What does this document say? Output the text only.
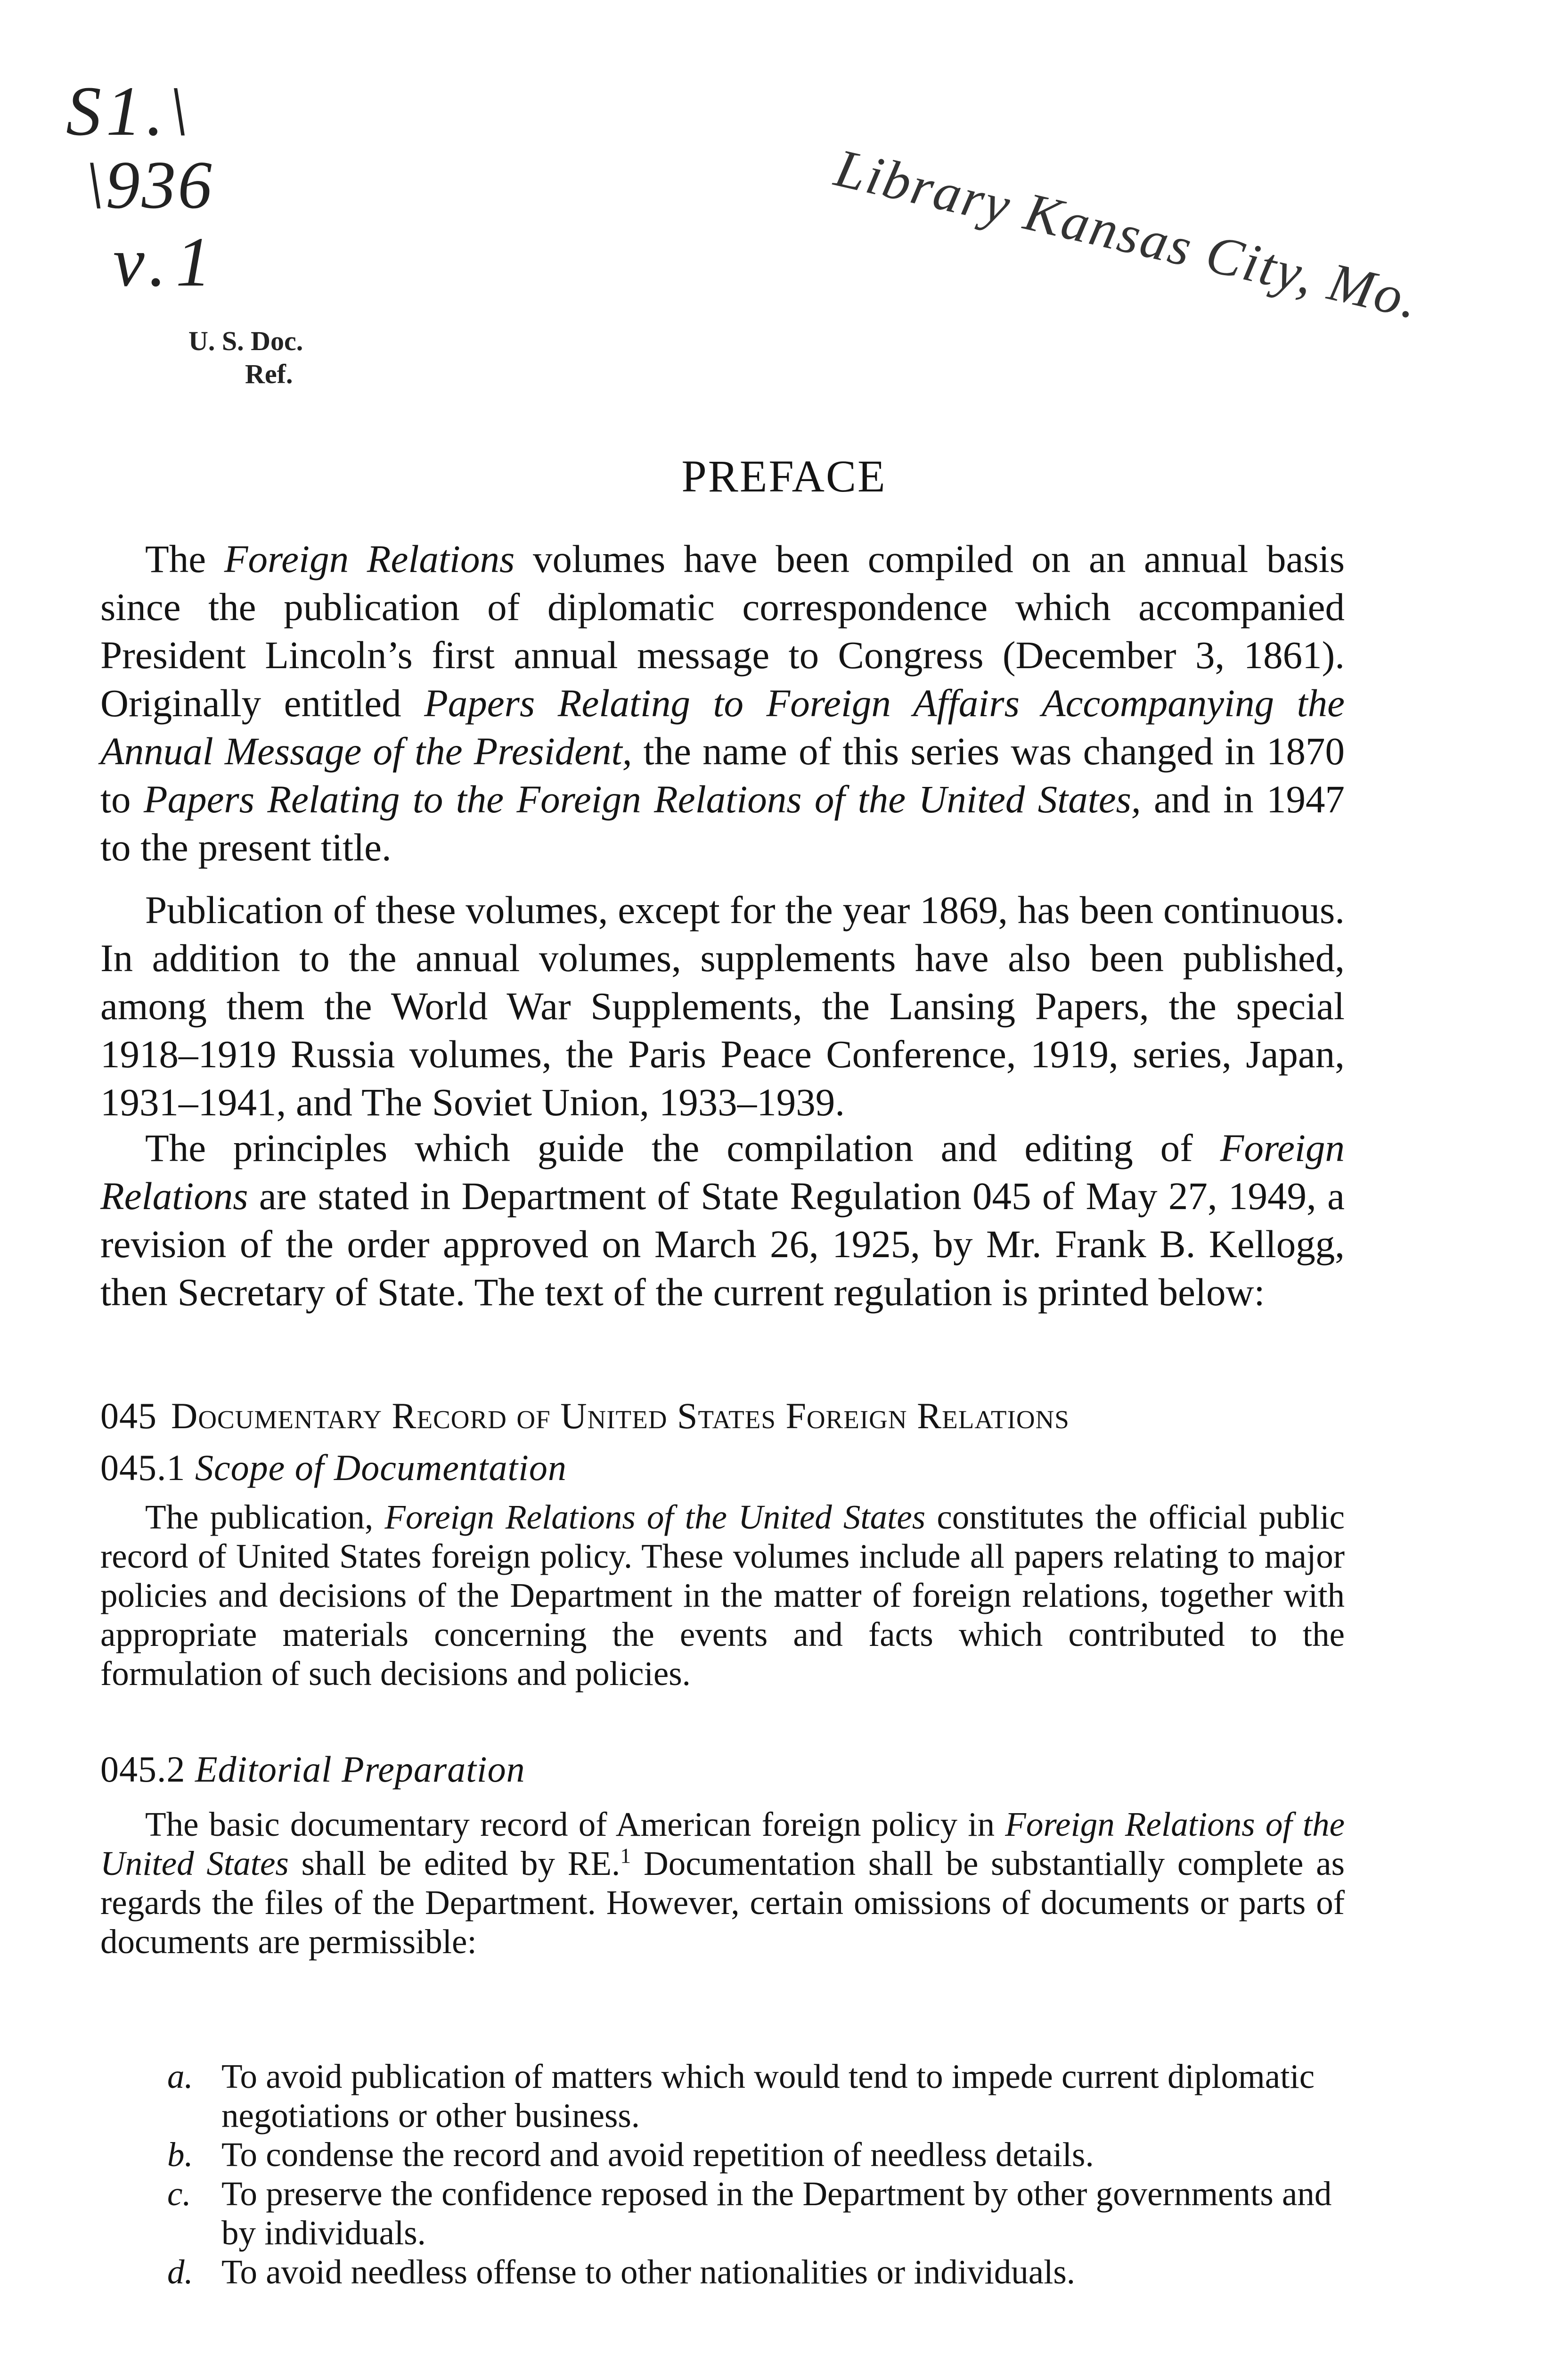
S1.\
\936
v.1
U. S. Doc.
Ref.
Library Kansas City, Mo.
PREFACE

The Foreign Relations volumes have been compiled on an annual basis since the publication of diplomatic correspondence which accompanied President Lincoln’s first annual message to Congress (December 3, 1861). Originally entitled Papers Relating to Foreign Affairs Accompanying the Annual Message of the President, the name of this series was changed in 1870 to Papers Relating to the Foreign Relations of the United States, and in 1947 to the present title.

Publication of these volumes, except for the year 1869, has been continuous. In addition to the annual volumes, supplements have also been published, among them the World War Supplements, the Lansing Papers, the special 1918–1919 Russia volumes, the Paris Peace Conference, 1919, series, Japan, 1931–1941, and The Soviet Union, 1933–1939.

The principles which guide the compilation and editing of Foreign Relations are stated in Department of State Regulation 045 of May 27, 1949, a revision of the order approved on March 26, 1925, by Mr. Frank B. Kellogg, then Secretary of State. The text of the current regulation is printed below:

045 Documentary Record of United States Foreign Relations
045.1 Scope of Documentation

The publication, Foreign Relations of the United States constitutes the official public record of United States foreign policy. These volumes include all papers relating to major policies and decisions of the Department in the matter of foreign relations, together with appropriate materials concerning the events and facts which contributed to the formulation of such decisions and policies.

045.2 Editorial Preparation

The basic documentary record of American foreign policy in Foreign Relations of the United States shall be edited by RE.$^1$ Documentation shall be substantially complete as regards the files of the Department. However, certain omissions of documents or parts of documents are permissible:

a. To avoid publication of matters which would tend to impede current diplomatic negotiations or other business.
b. To condense the record and avoid repetition of needless details.
c. To preserve the confidence reposed in the Department by other governments and by individuals.
d. To avoid needless offense to other nationalities or individuals.
